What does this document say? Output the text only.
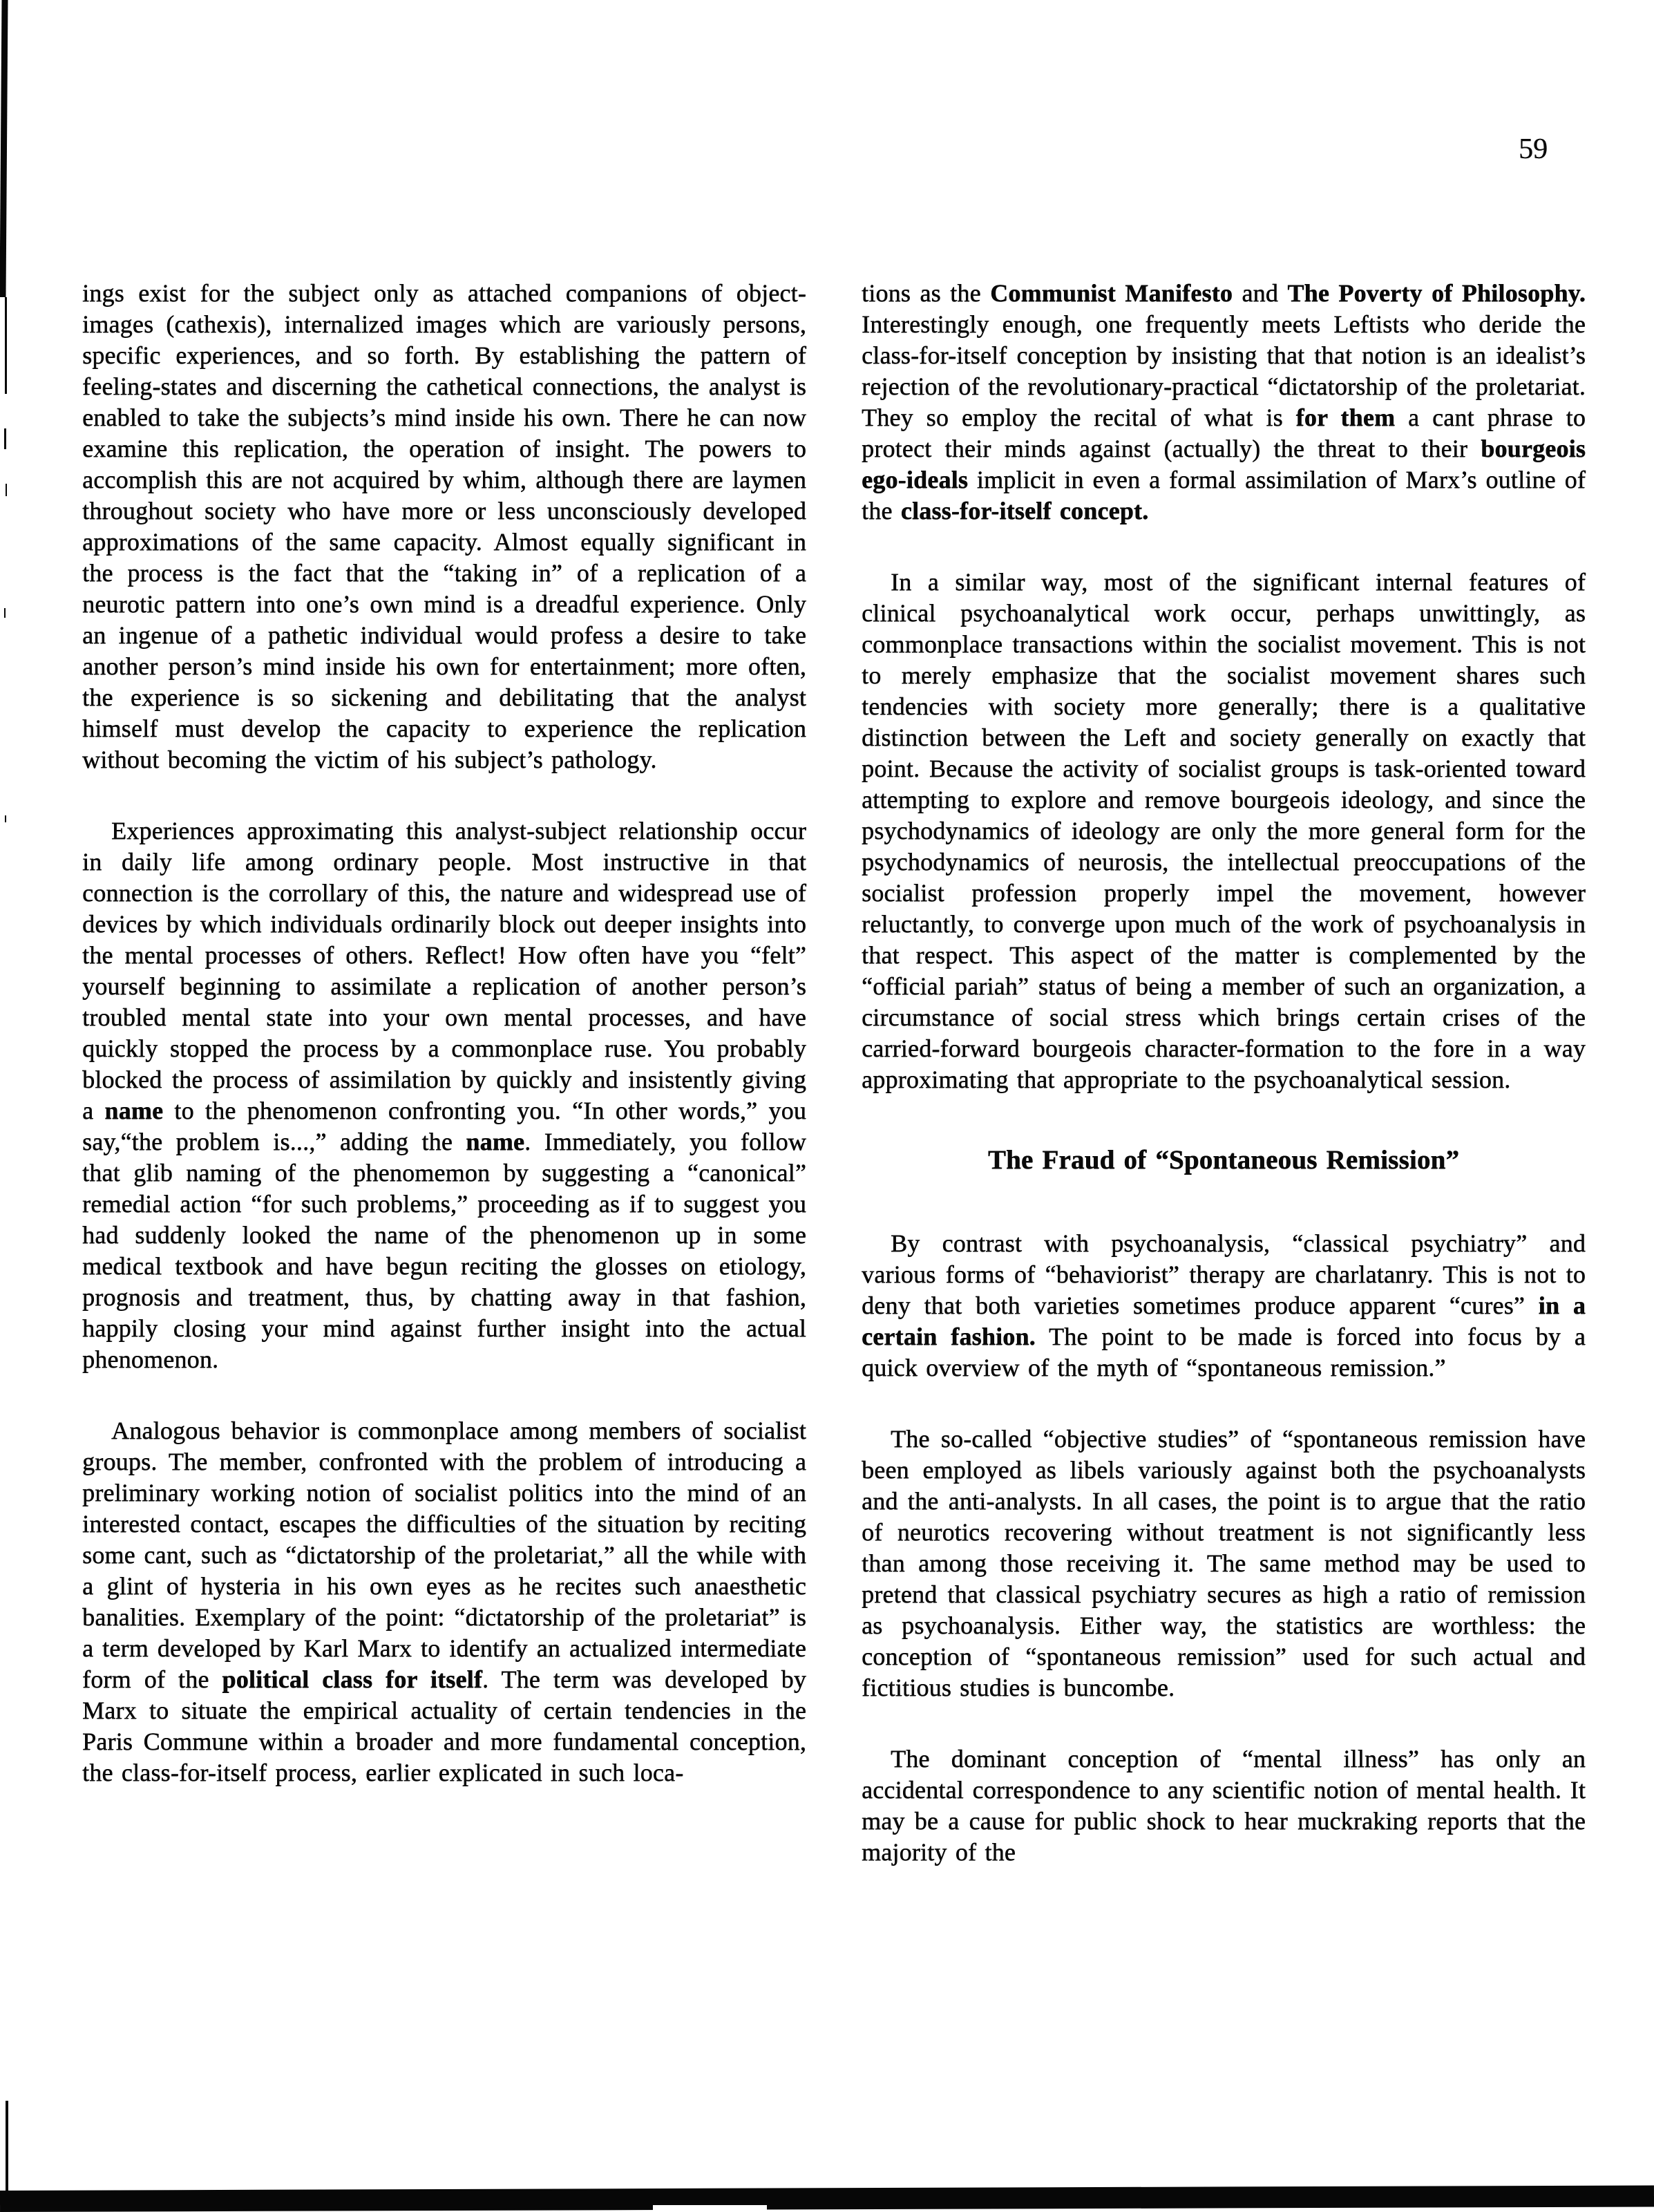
59

ings exist for the subject only as attached companions of object-images (cathexis), internalized images which are variously persons, specific experiences, and so forth. By establishing the pattern of feeling-states and discerning the cathetical connections, the analyst is enabled to take the subjects’s mind inside his own. There he can now examine this replication, the operation of insight. The powers to accomplish this are not acquired by whim, although there are laymen throughout society who have more or less unconsciously developed approximations of the same capacity. Almost equally significant in the process is the fact that the “taking in” of a replication of a neurotic pattern into one’s own mind is a dreadful experience. Only an ingenue of a pathetic individual would profess a desire to take another person’s mind inside his own for entertainment; more often, the experience is so sickening and debilitating that the analyst himself must develop the capacity to experience the replication without becoming the victim of his subject’s pathology.

Experiences approximating this analyst-subject relationship occur in daily life among ordinary people. Most instructive in that connection is the corrollary of this, the nature and widespread use of devices by which individuals ordinarily block out deeper insights into the mental processes of others. Reflect! How often have you “felt” yourself beginning to assimilate a replication of another person’s troubled mental state into your own mental processes, and have quickly stopped the process by a commonplace ruse. You probably blocked the process of assimilation by quickly and insistently giving a name to the phenomenon confronting you. “In other words,” you say,“the problem is...,” adding the name. Immediately, you follow that glib naming of the phenomemon by suggesting a “canonical” remedial action “for such problems,” proceeding as if to suggest you had suddenly looked the name of the phenomenon up in some medical textbook and have begun reciting the glosses on etiology, prognosis and treatment, thus, by chatting away in that fashion, happily closing your mind against further insight into the actual phenomenon.

Analogous behavior is commonplace among members of socialist groups. The member, confronted with the problem of introducing a preliminary working notion of socialist politics into the mind of an interested contact, escapes the difficulties of the situation by reciting some cant, such as “dictatorship of the proletariat,” all the while with a glint of hysteria in his own eyes as he recites such anaesthetic banalities. Exemplary of the point: “dictatorship of the proletariat” is a term developed by Karl Marx to identify an actualized intermediate form of the political class for itself. The term was developed by Marx to situate the empirical actuality of certain tendencies in the Paris Commune within a broader and more fundamental conception, the class-for-itself process, earlier explicated in such loca-

tions as the Communist Manifesto and The Poverty of Philosophy. Interestingly enough, one frequently meets Leftists who deride the class-for-itself conception by insisting that that notion is an idealist’s rejection of the revolutionary-practical “dictatorship of the proletariat. They so employ the recital of what is for them a cant phrase to protect their minds against (actually) the threat to their bourgeois ego-ideals implicit in even a formal assimilation of Marx’s outline of the class-for-itself concept.

In a similar way, most of the significant internal features of clinical psychoanalytical work occur, perhaps unwittingly, as commonplace transactions within the socialist movement. This is not to merely emphasize that the socialist movement shares such tendencies with society more generally; there is a qualitative distinction between the Left and society generally on exactly that point. Because the activity of socialist groups is task-oriented toward attempting to explore and remove bourgeois ideology, and since the psychodynamics of ideology are only the more general form for the psychodynamics of neurosis, the intellectual preoccupations of the socialist profession properly impel the movement, however reluctantly, to converge upon much of the work of psychoanalysis in that respect. This aspect of the matter is complemented by the “official pariah” status of being a member of such an organization, a circumstance of social stress which brings certain crises of the carried-forward bourgeois character-formation to the fore in a way approximating that appropriate to the psychoanalytical session.

The Fraud of “Spontaneous Remission”

By contrast with psychoanalysis, “classical psychiatry” and various forms of “behaviorist” therapy are charlatanry. This is not to deny that both varieties sometimes produce apparent “cures” in a certain fashion. The point to be made is forced into focus by a quick overview of the myth of “spontaneous remission.”

The so-called “objective studies” of “spontaneous remission have been employed as libels variously against both the psychoanalysts and the anti-analysts. In all cases, the point is to argue that the ratio of neurotics recovering without treatment is not significantly less than among those receiving it. The same method may be used to pretend that classical psychiatry secures as high a ratio of remission as psychoanalysis. Either way, the statistics are worthless: the conception of “spontaneous remission” used for such actual and fictitious studies is buncombe.

The dominant conception of “mental illness” has only an accidental correspondence to any scientific notion of mental health. It may be a cause for public shock to hear muckraking reports that the majority of the
